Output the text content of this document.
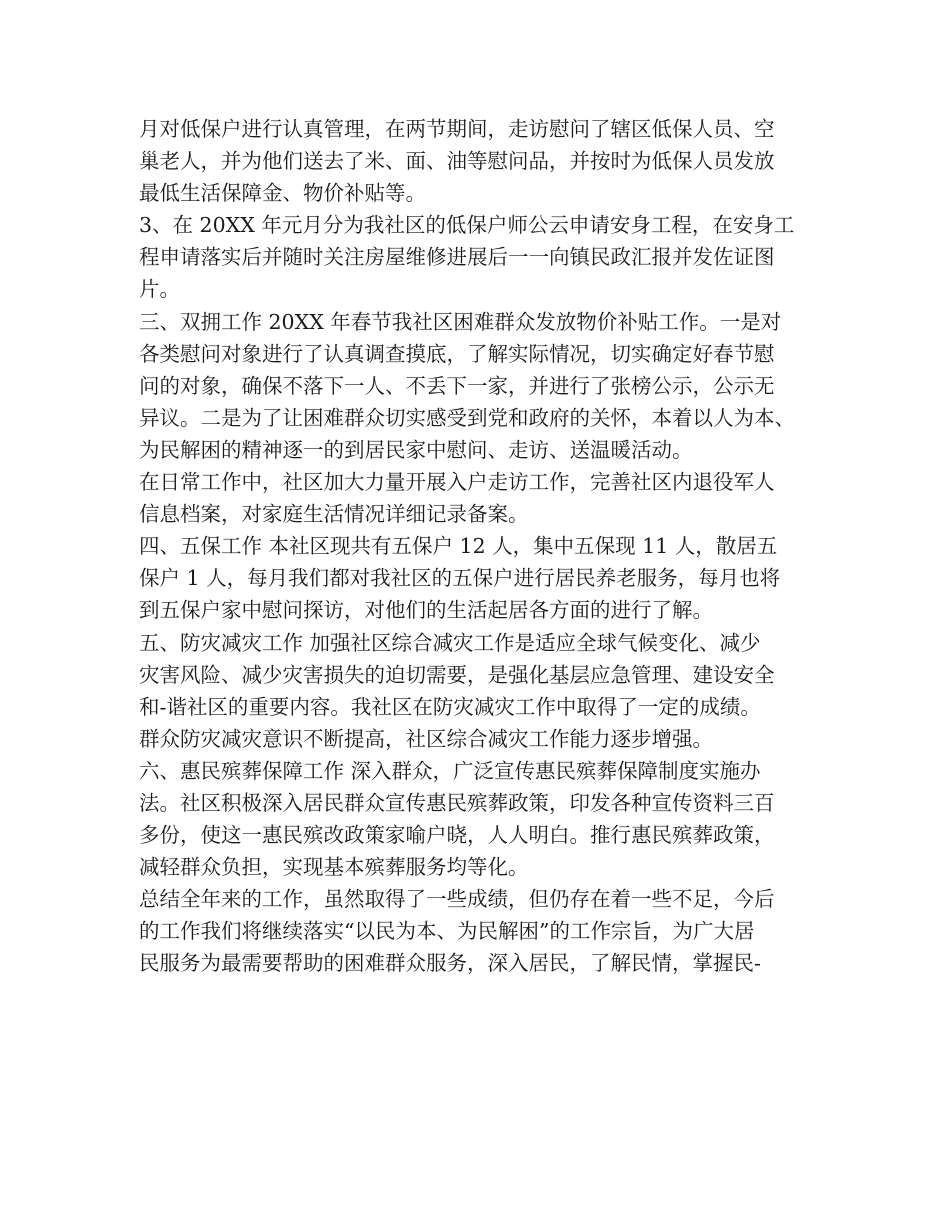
月对低保户进行认真管理，在两节期间，走访慰问了辖区低保人员、空
巢老人，并为他们送去了米、面、油等慰问品，并按时为低保人员发放
最低生活保障金、物价补贴等。
3、在 20XX 年元月分为我社区的低保户师公云申请安身工程，在安身工
程申请落实后并随时关注房屋维修进展后一一向镇民政汇报并发佐证图
片。
三、双拥工作 20XX 年春节我社区困难群众发放物价补贴工作。一是对
各类慰问对象进行了认真调查摸底，了解实际情况，切实确定好春节慰
问的对象，确保不落下一人、不丢下一家，并进行了张榜公示，公示无
异议。二是为了让困难群众切实感受到党和政府的关怀，本着以人为本、
为民解困的精神逐一的到居民家中慰问、走访、送温暖活动。
在日常工作中，社区加大力量开展入户走访工作，完善社区内退役军人
信息档案，对家庭生活情况详细记录备案。
四、五保工作 本社区现共有五保户 12 人，集中五保现 11 人，散居五
保户 1 人，每月我们都对我社区的五保户进行居民养老服务，每月也将
到五保户家中慰问探访，对他们的生活起居各方面的进行了解。
五、防灾减灾工作 加强社区综合减灾工作是适应全球气候变化、减少
灾害风险、减少灾害损失的迫切需要，是强化基层应急管理、建设安全
和-谐社区的重要内容。我社区在防灾减灾工作中取得了一定的成绩。
群众防灾减灾意识不断提高，社区综合减灾工作能力逐步增强。
六、惠民殡葬保障工作 深入群众，广泛宣传惠民殡葬保障制度实施办
法。社区积极深入居民群众宣传惠民殡葬政策，印发各种宣传资料三百
多份，使这一惠民殡改政策家喻户晓，人人明白。推行惠民殡葬政策，
减轻群众负担，实现基本殡葬服务均等化。
总结全年来的工作，虽然取得了一些成绩，但仍存在着一些不足，今后
的工作我们将继续落实“以民为本、为民解困”的工作宗旨，为广大居
民服务为最需要帮助的困难群众服务，深入居民，了解民情，掌握民-
